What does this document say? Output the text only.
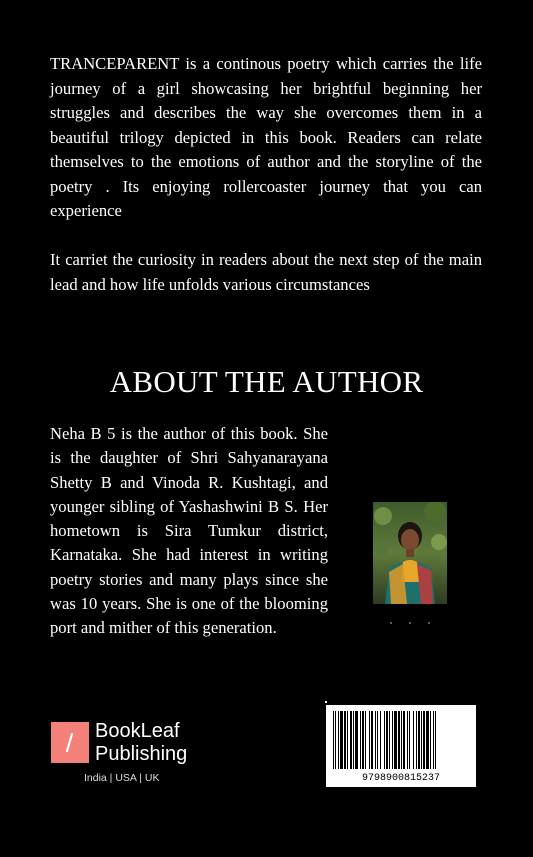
TRANCEPARENT is a continous poetry which carries the life journey of a girl showcasing her brightful beginning her struggles and describes the way she overcomes them in a beautiful trilogy depicted in this book. Readers can relate themselves to the emotions of author and the storyline of the poetry . Its enjoying rollercoaster journey that you can experience

It carriet the curiosity in readers about the next step of the main lead and how life unfolds various circumstances

ABOUT THE AUTHOR

Neha B 5 is the author of this book. She is the daughter of Shri Sahyanarayana Shetty B and Vinoda R. Kushtagi, and younger sibling of Yashashwini B S. Her hometown is Sira Tumkur district, Karnataka. She had interest in writing poetry stories and many plays since she was 10 years. She is one of the blooming port and mither of this generation.

BookLeaf
Publishing
India | USA | UK	9798900815237
